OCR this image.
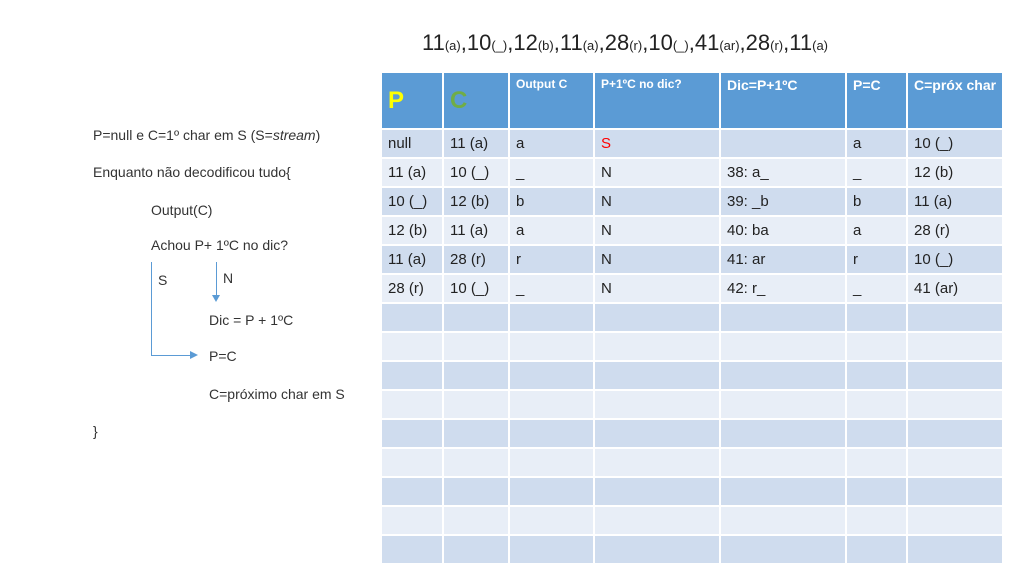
11(a),10(_),12(b),11(a),28(r),10(_),41(ar),28(r),11(a)
P=null e C=1º char em S (S=stream)
Enquanto não decodificou tudo{
Output(C)
Achou P+ 1ºC no dic?
S	N
Dic = P + 1ºC
P=C
C=próximo char em S
}
P	C	Output C	P+1ºC no dic?	Dic=P+1ºC	P=C	C=próx char
null	11 (a)	a	S		a	10 (_)
11 (a)	10 (_)	_	N	38: a_	_	12 (b)
10 (_)	12 (b)	b	N	39: _b	b	11 (a)
12 (b)	11 (a)	a	N	40: ba	a	28 (r)
11 (a)	28 (r)	r	N	41: ar	r	10 (_)
28 (r)	10 (_)	_	N	42: r_	_	41 (ar)
